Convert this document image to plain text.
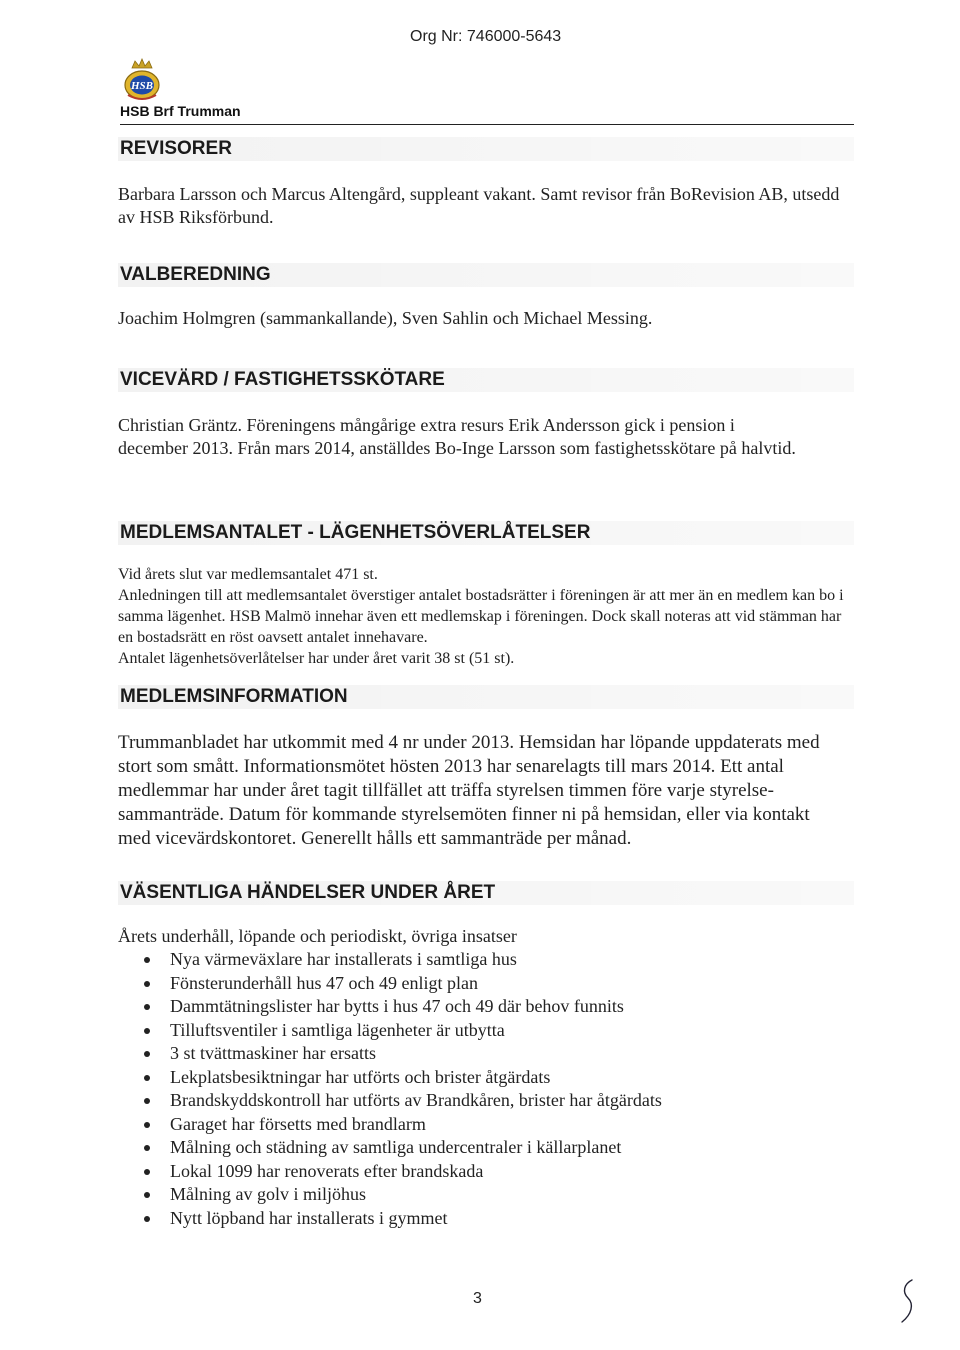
Org Nr: 746000-5643
HSB
HSB Brf Trumman
REVISORER

Barbara Larsson och Marcus Altengård, suppleant vakant. Samt revisor från BoRevision AB, utsedd av HSB Riksförbund.

VALBEREDNING

Joachim Holmgren (sammankallande), Sven Sahlin och Michael Messing.

VICEVÄRD / FASTIGHETSSKÖTARE

Christian Gräntz. Föreningens mångårige extra resurs Erik Andersson gick i pension i december 2013. Från mars 2014, anställdes Bo-Inge Larsson som fastighetsskötare på halvtid.

MEDLEMSANTALET - LÄGENHETSÖVERLÅTELSER

Vid årets slut var medlemsantalet 471 st.

Anledningen till att medlemsantalet överstiger antalet bostadsrätter i föreningen är att mer än en medlem kan bo i samma lägenhet. HSB Malmö innehar även ett medlemskap i föreningen. Dock skall noteras att vid stämman har en bostadsrätt en röst oavsett antalet innehavare.

Antalet lägenhetsöverlåtelser har under året varit 38 st (51 st).

MEDLEMSINFORMATION

Trummanbladet har utkommit med 4 nr under 2013. Hemsidan har löpande uppdaterats med stort som smått. Informationsmötet hösten 2013 har senarelagts till mars 2014. Ett antal medlemmar har under året tagit tillfället att träffa styrelsen timmen före varje styrelse-sammanträde. Datum för kommande styrelsemöten finner ni på hemsidan, eller via kontakt med vicevärdskontoret. Generellt hålls ett sammanträde per månad.

VÄSENTLIGA HÄNDELSER UNDER ÅRET

Årets underhåll, löpande och periodiskt, övriga insatser

Nya värmeväxlare har installerats i samtliga hus
Fönsterunderhåll hus 47 och 49 enligt plan
Dammtätningslister har bytts i hus 47 och 49 där behov funnits
Tilluftsventiler i samtliga lägenheter är utbytta
3 st tvättmaskiner har ersatts
Lekplatsbesiktningar har utförts och brister åtgärdats
Brandskyddskontroll har utförts av Brandkåren, brister har åtgärdats
Garaget har försetts med brandlarm
Målning och städning av samtliga undercentraler i källarplanet
Lokal 1099 har renoverats efter brandskada
Målning av golv i miljöhus
Nytt löpband har installerats i gymmet
3
